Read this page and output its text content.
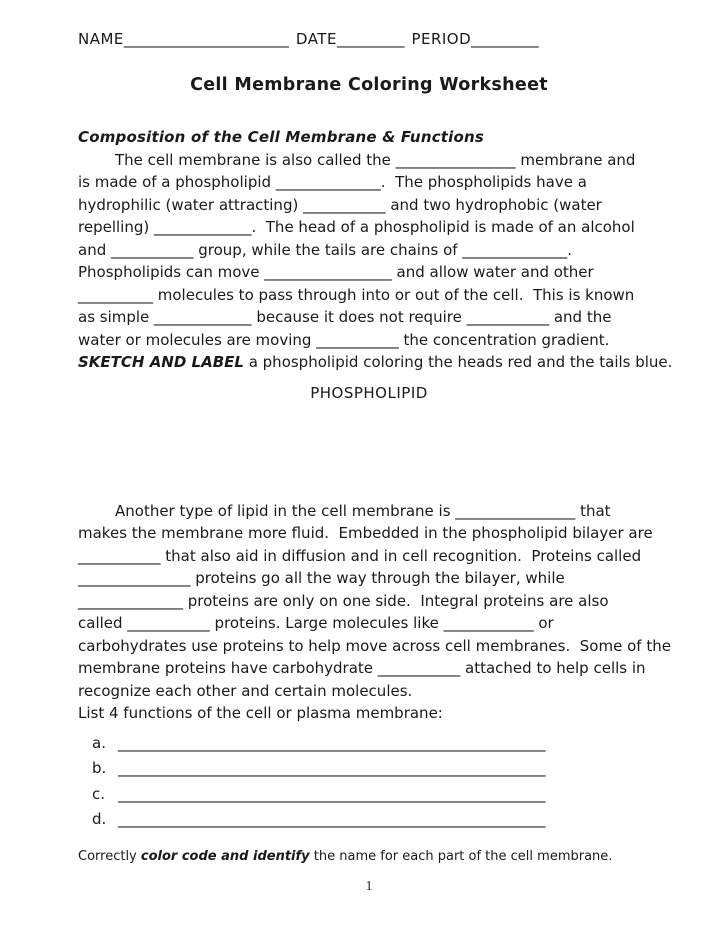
NAME______________________ DATE_________ PERIOD_________
Cell Membrane Coloring Worksheet
Composition of the Cell Membrane & Functions
The cell membrane is also called the ________________ membrane and
is made of a phospholipid ______________.  The phospholipids have a
hydrophilic (water attracting) ___________ and two hydrophobic (water
repelling) _____________.  The head of a phospholipid is made of an alcohol
and ___________ group, while the tails are chains of ______________.
Phospholipids can move _________________ and allow water and other
__________ molecules to pass through into or out of the cell.  This is known
as simple _____________ because it does not require ___________ and the
water or molecules are moving ___________ the concentration gradient.
SKETCH AND LABEL a phospholipid coloring the heads red and the tails blue.
PHOSPHOLIPID
Another type of lipid in the cell membrane is ________________ that
makes the membrane more fluid.  Embedded in the phospholipid bilayer are
___________ that also aid in diffusion and in cell recognition.  Proteins called
_______________ proteins go all the way through the bilayer, while
______________ proteins are only on one side.  Integral proteins are also
called ___________ proteins. Large molecules like ____________ or
carbohydrates use proteins to help move across cell membranes.  Some of the
membrane proteins have carbohydrate ___________ attached to help cells in
recognize each other and certain molecules.
List 4 functions of the cell or plasma membrane:
a. _________________________________________________________
b. _________________________________________________________
c. _________________________________________________________
d. _________________________________________________________
Correctly color code and identify the name for each part of the cell membrane.
1
